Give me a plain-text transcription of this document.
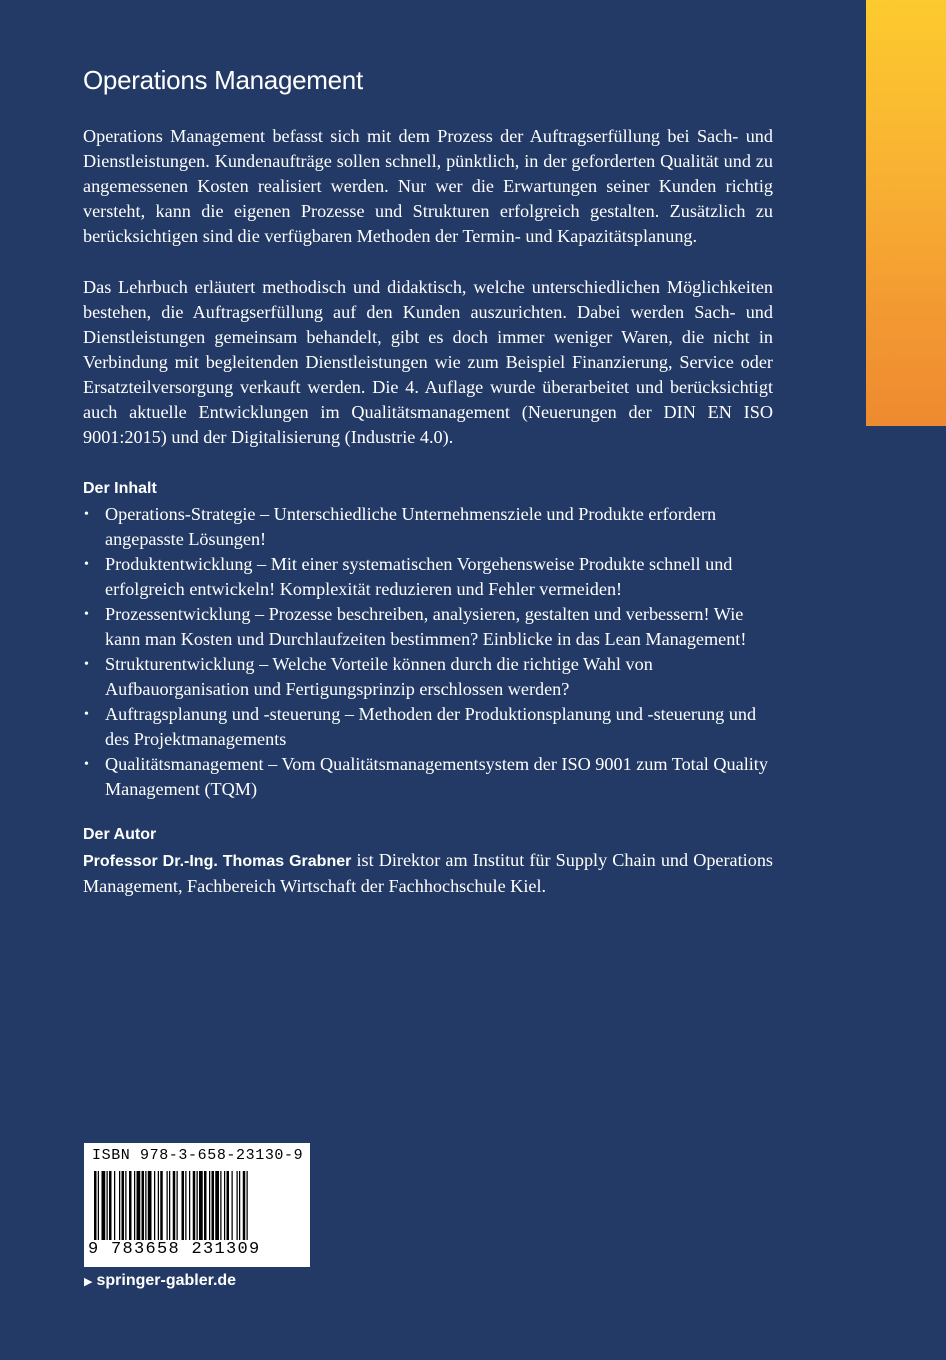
Operations Management

Operations Management befasst sich mit dem Prozess der Auftragserfüllung bei Sach- und Dienstleistungen. Kundenaufträge sollen schnell, pünktlich, in der geforderten Qualität und zu angemessenen Kosten realisiert werden. Nur wer die Erwartungen seiner Kunden richtig versteht, kann die eigenen Prozesse und Strukturen erfolgreich gestalten. Zusätzlich zu berücksichtigen sind die verfügbaren Methoden der Termin- und Kapazitätsplanung.

Das Lehrbuch erläutert methodisch und didaktisch, welche unterschiedlichen Möglichkeiten bestehen, die Auftragserfüllung auf den Kunden auszurichten. Dabei werden Sach- und Dienstleistungen gemeinsam behandelt, gibt es doch immer weniger Waren, die nicht in Verbindung mit begleitenden Dienstleistungen wie zum Beispiel Finanzierung, Service oder Ersatzteilversorgung verkauft werden. Die 4. Auflage wurde überarbeitet und berücksichtigt auch aktuelle Entwicklungen im Qualitätsmanagement (Neuerungen der DIN EN ISO 9001:2015) und der Digitalisierung (Industrie 4.0).

Der Inhalt
• Operations-Strategie – Unterschiedliche Unternehmensziele und Produkte erfordern angepasste Lösungen!
• Produktentwicklung – Mit einer systematischen Vorgehensweise Produkte schnell und erfolgreich entwickeln! Komplexität reduzieren und Fehler vermeiden!
• Prozessentwicklung – Prozesse beschreiben, analysieren, gestalten und verbessern! Wie kann man Kosten und Durchlaufzeiten bestimmen? Einblicke in das Lean Management!
• Strukturentwicklung – Welche Vorteile können durch die richtige Wahl von Aufbauorganisation und Fertigungsprinzip erschlossen werden?
• Auftragsplanung und -steuerung – Methoden der Produktionsplanung und -steuerung und des Projektmanagements
• Qualitätsmanagement – Vom Qualitätsmanagementsystem der ISO 9001 zum Total Quality Management (TQM)
Der Autor

Professor Dr.-Ing. Thomas Grabner ist Direktor am Institut für Supply Chain und Operations Management, Fachbereich Wirtschaft der Fachhochschule Kiel.

ISBN 978-3-658-23130-9
9 783658 231309
▶ springer-gabler.de
